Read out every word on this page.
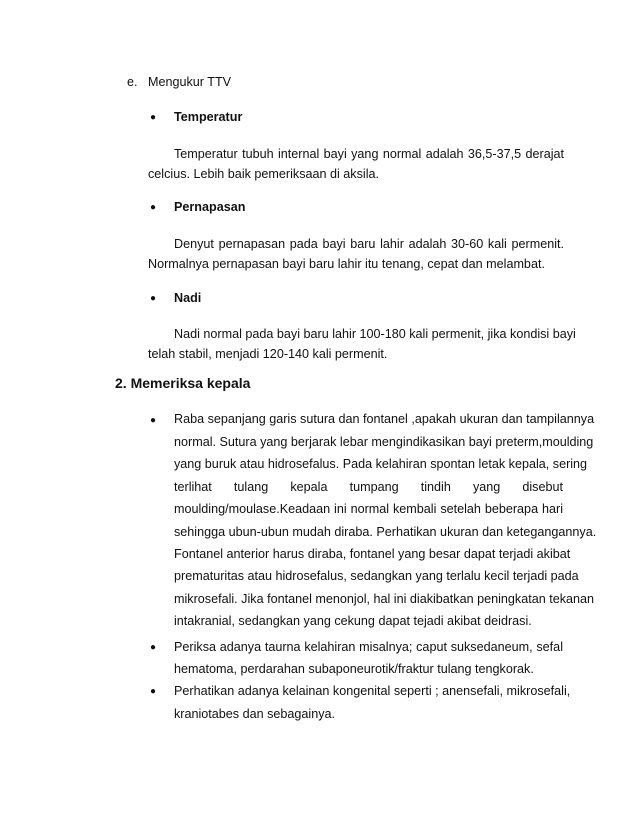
e. Mengukur TTV
● Temperatur
Temperatur tubuh internal bayi yang normal adalah 36,5-37,5 derajat
celcius. Lebih baik pemeriksaan di aksila.
● Pernapasan
Denyut pernapasan pada bayi baru lahir adalah 30-60 kali permenit.
Normalnya pernapasan bayi baru lahir itu tenang, cepat dan melambat.
● Nadi
Nadi normal pada bayi baru lahir 100-180 kali permenit, jika kondisi bayi
telah stabil, menjadi 120-140 kali permenit.
2. Memeriksa kepala
● Raba sepanjang garis sutura dan fontanel ,apakah ukuran dan tampilannya
normal. Sutura yang berjarak lebar mengindikasikan bayi preterm,moulding
yang buruk atau hidrosefalus. Pada kelahiran spontan letak kepala, sering
terlihat tulang kepala tumpang tindih yang disebut
moulding/moulase.Keadaan ini normal kembali setelah beberapa hari
sehingga ubun-ubun mudah diraba. Perhatikan ukuran dan ketegangannya.
Fontanel anterior harus diraba, fontanel yang besar dapat terjadi akibat
prematuritas atau hidrosefalus, sedangkan yang terlalu kecil terjadi pada
mikrosefali. Jika fontanel menonjol, hal ini diakibatkan peningkatan tekanan
intakranial, sedangkan yang cekung dapat tejadi akibat deidrasi.
● Periksa adanya taurna kelahiran misalnya; caput suksedaneum, sefal
hematoma, perdarahan subaponeurotik/fraktur tulang tengkorak.
● Perhatikan adanya kelainan kongenital seperti ; anensefali, mikrosefali,
kraniotabes dan sebagainya.
